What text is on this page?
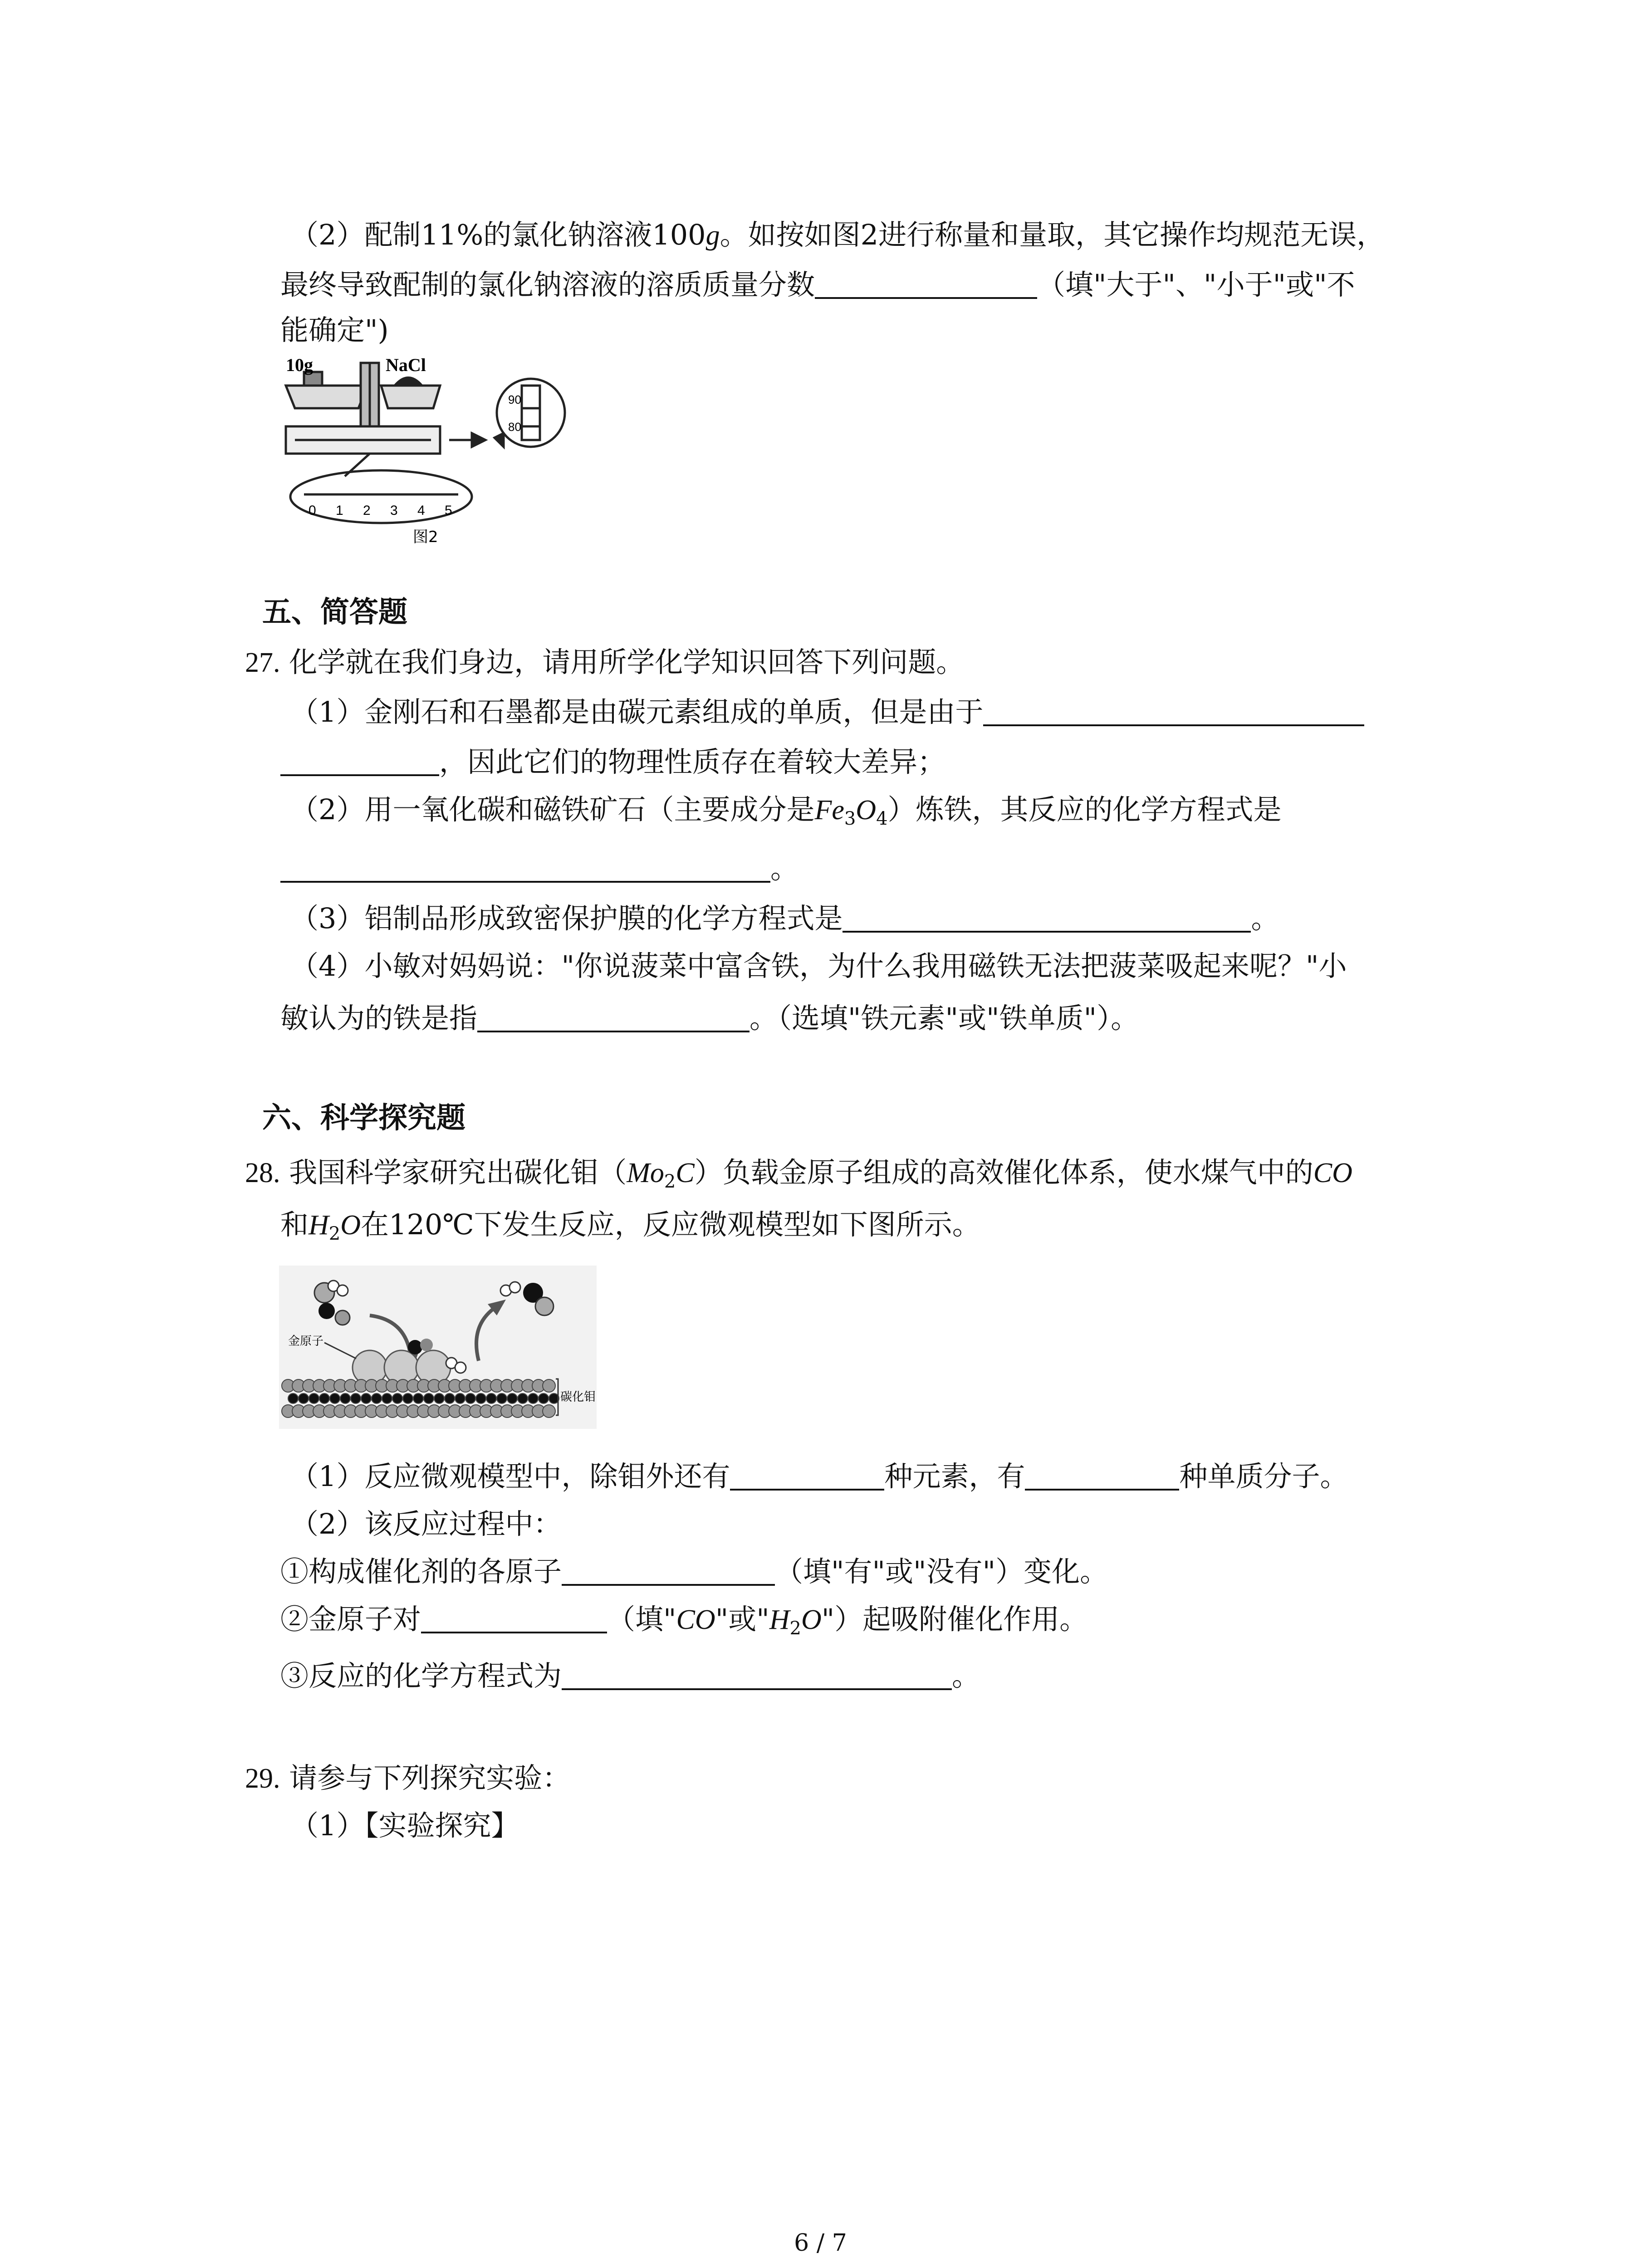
（2）配制11%的氯化钠溶液100g。如按如图2进行称量和量取，其它操作均规范无误，
最终导致配制的氯化钠溶液的溶质质量分数	（填"大于"、"小于"或"不
能确定")
10g	NaCl
90
80
0 1 2 3 4 5
图2
五、简答题
27. 化学就在我们身边，请用所学化学知识回答下列问题。
（1）金刚石和石墨都是由碳元素组成的单质，但是由于
，因此它们的物理性质存在着较大差异；
（2）用一氧化碳和磁铁矿石（主要成分是$Fe_3O_4$）炼铁，其反应的化学方程式是
。
（3）铝制品形成致密保护膜的化学方程式是	。
（4）小敏对妈妈说："你说菠菜中富含铁，为什么我用磁铁无法把菠菜吸起来呢？"小
敏认为的铁是指	。（选填"铁元素"或"铁单质"）。
六、科学探究题
28. 我国科学家研究出碳化钼$(Mo_2C)$负载金原子组成的高效催化体系，使水煤气中的CO
和$H_2O$在120℃下发生反应，反应微观模型如下图所示。
金原子
碳化钼
（1）反应微观模型中，除钼外还有	种元素，有	种单质分子。
（2）该反应过程中：
①构成催化剂的各原子	（填"有"或"没有"）变化。
②金原子对	（填"CO"或"$H_2O$"）起吸附催化作用。
③反应的化学方程式为	。
29. 请参与下列探究实验：
（1）【实验探究】
6 / 7
